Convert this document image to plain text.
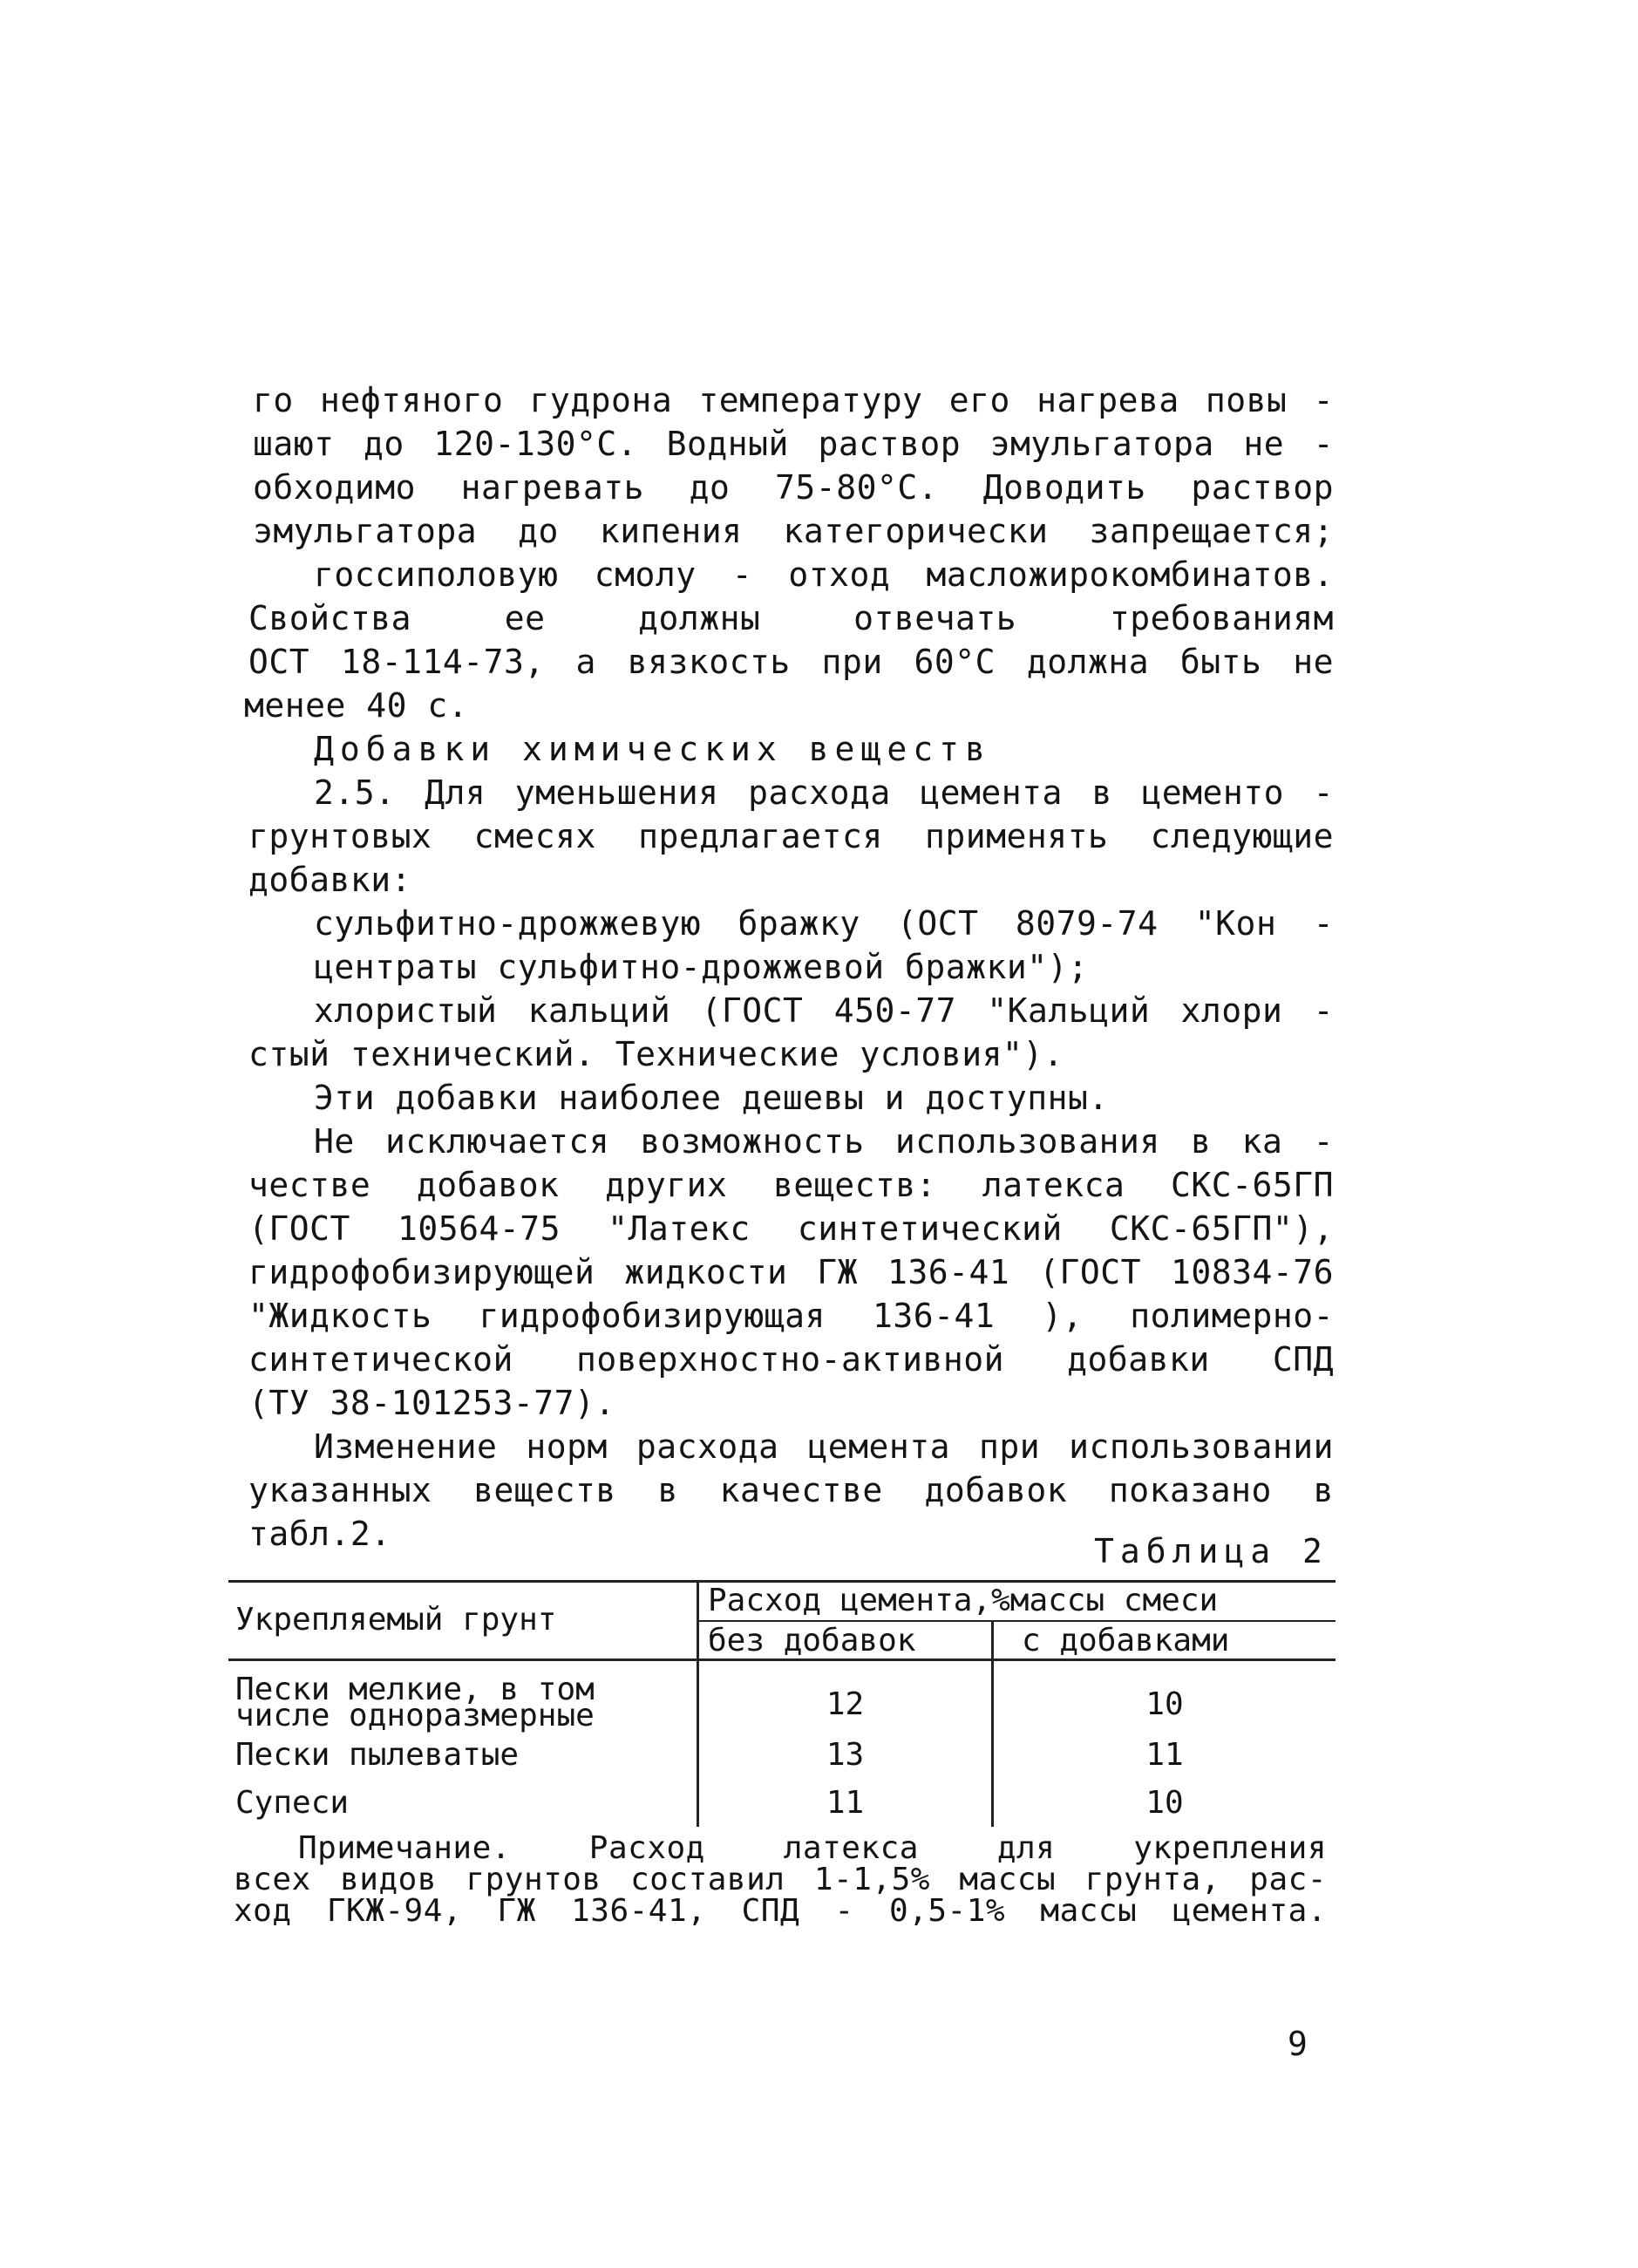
го нефтяного гудрона температуру его нагрева повы -

шают до 120-130°С. Водный раствор эмульгатора не -

обходимо нагревать до 75-80°С. Доводить раствор

эмульгатора до кипения категорически запрещается;

госсиполовую смолу - отход масложирокомбинатов.

Свойства ее должны отвечать требованиям

ОСТ 18-114-73, а вязкость при 60°С должна быть не

менее 40 с.

Добавки химических веществ

2.5. Для уменьшения расхода цемента в цементо -

грунтовых смесях предлагается применять следующие

добавки:

сульфитно-дрожжевую бражку (ОСТ 8079-74 "Кон -

центраты сульфитно-дрожжевой бражки");

хлористый кальций (ГОСТ 450-77 "Кальций хлори -

стый технический. Технические условия").

Эти добавки наиболее дешевы и доступны.

Не исключается возможность использования в ка -

честве добавок других веществ: латекса СКС-65ГП

(ГОСТ 10564-75 "Латекс синтетический СКС-65ГП"),

гидрофобизирующей жидкости ГЖ 136-41 (ГОСТ 10834-76

"Жидкость гидрофобизирующая 136-41 ), полимерно-

синтетической поверхностно-активной добавки СПД

(ТУ 38-101253-77).

Изменение норм расхода цемента при использовании

указанных веществ в качестве добавок показано в

табл.2.	Таблица 2
Укрепляемый грунт
Расход цемента,%массы смеси
без добавок	с добавками
Пески мелкие, в том
числе одноразмерные	12	10
Пески пылеватые	13	11
Супеси	11	10

Примечание. Расход латекса для укрепления

всех видов грунтов составил 1-1,5% массы грунта, рас-

ход ГКЖ-94, ГЖ 136-41, СПД - 0,5-1% массы цемента.

9
